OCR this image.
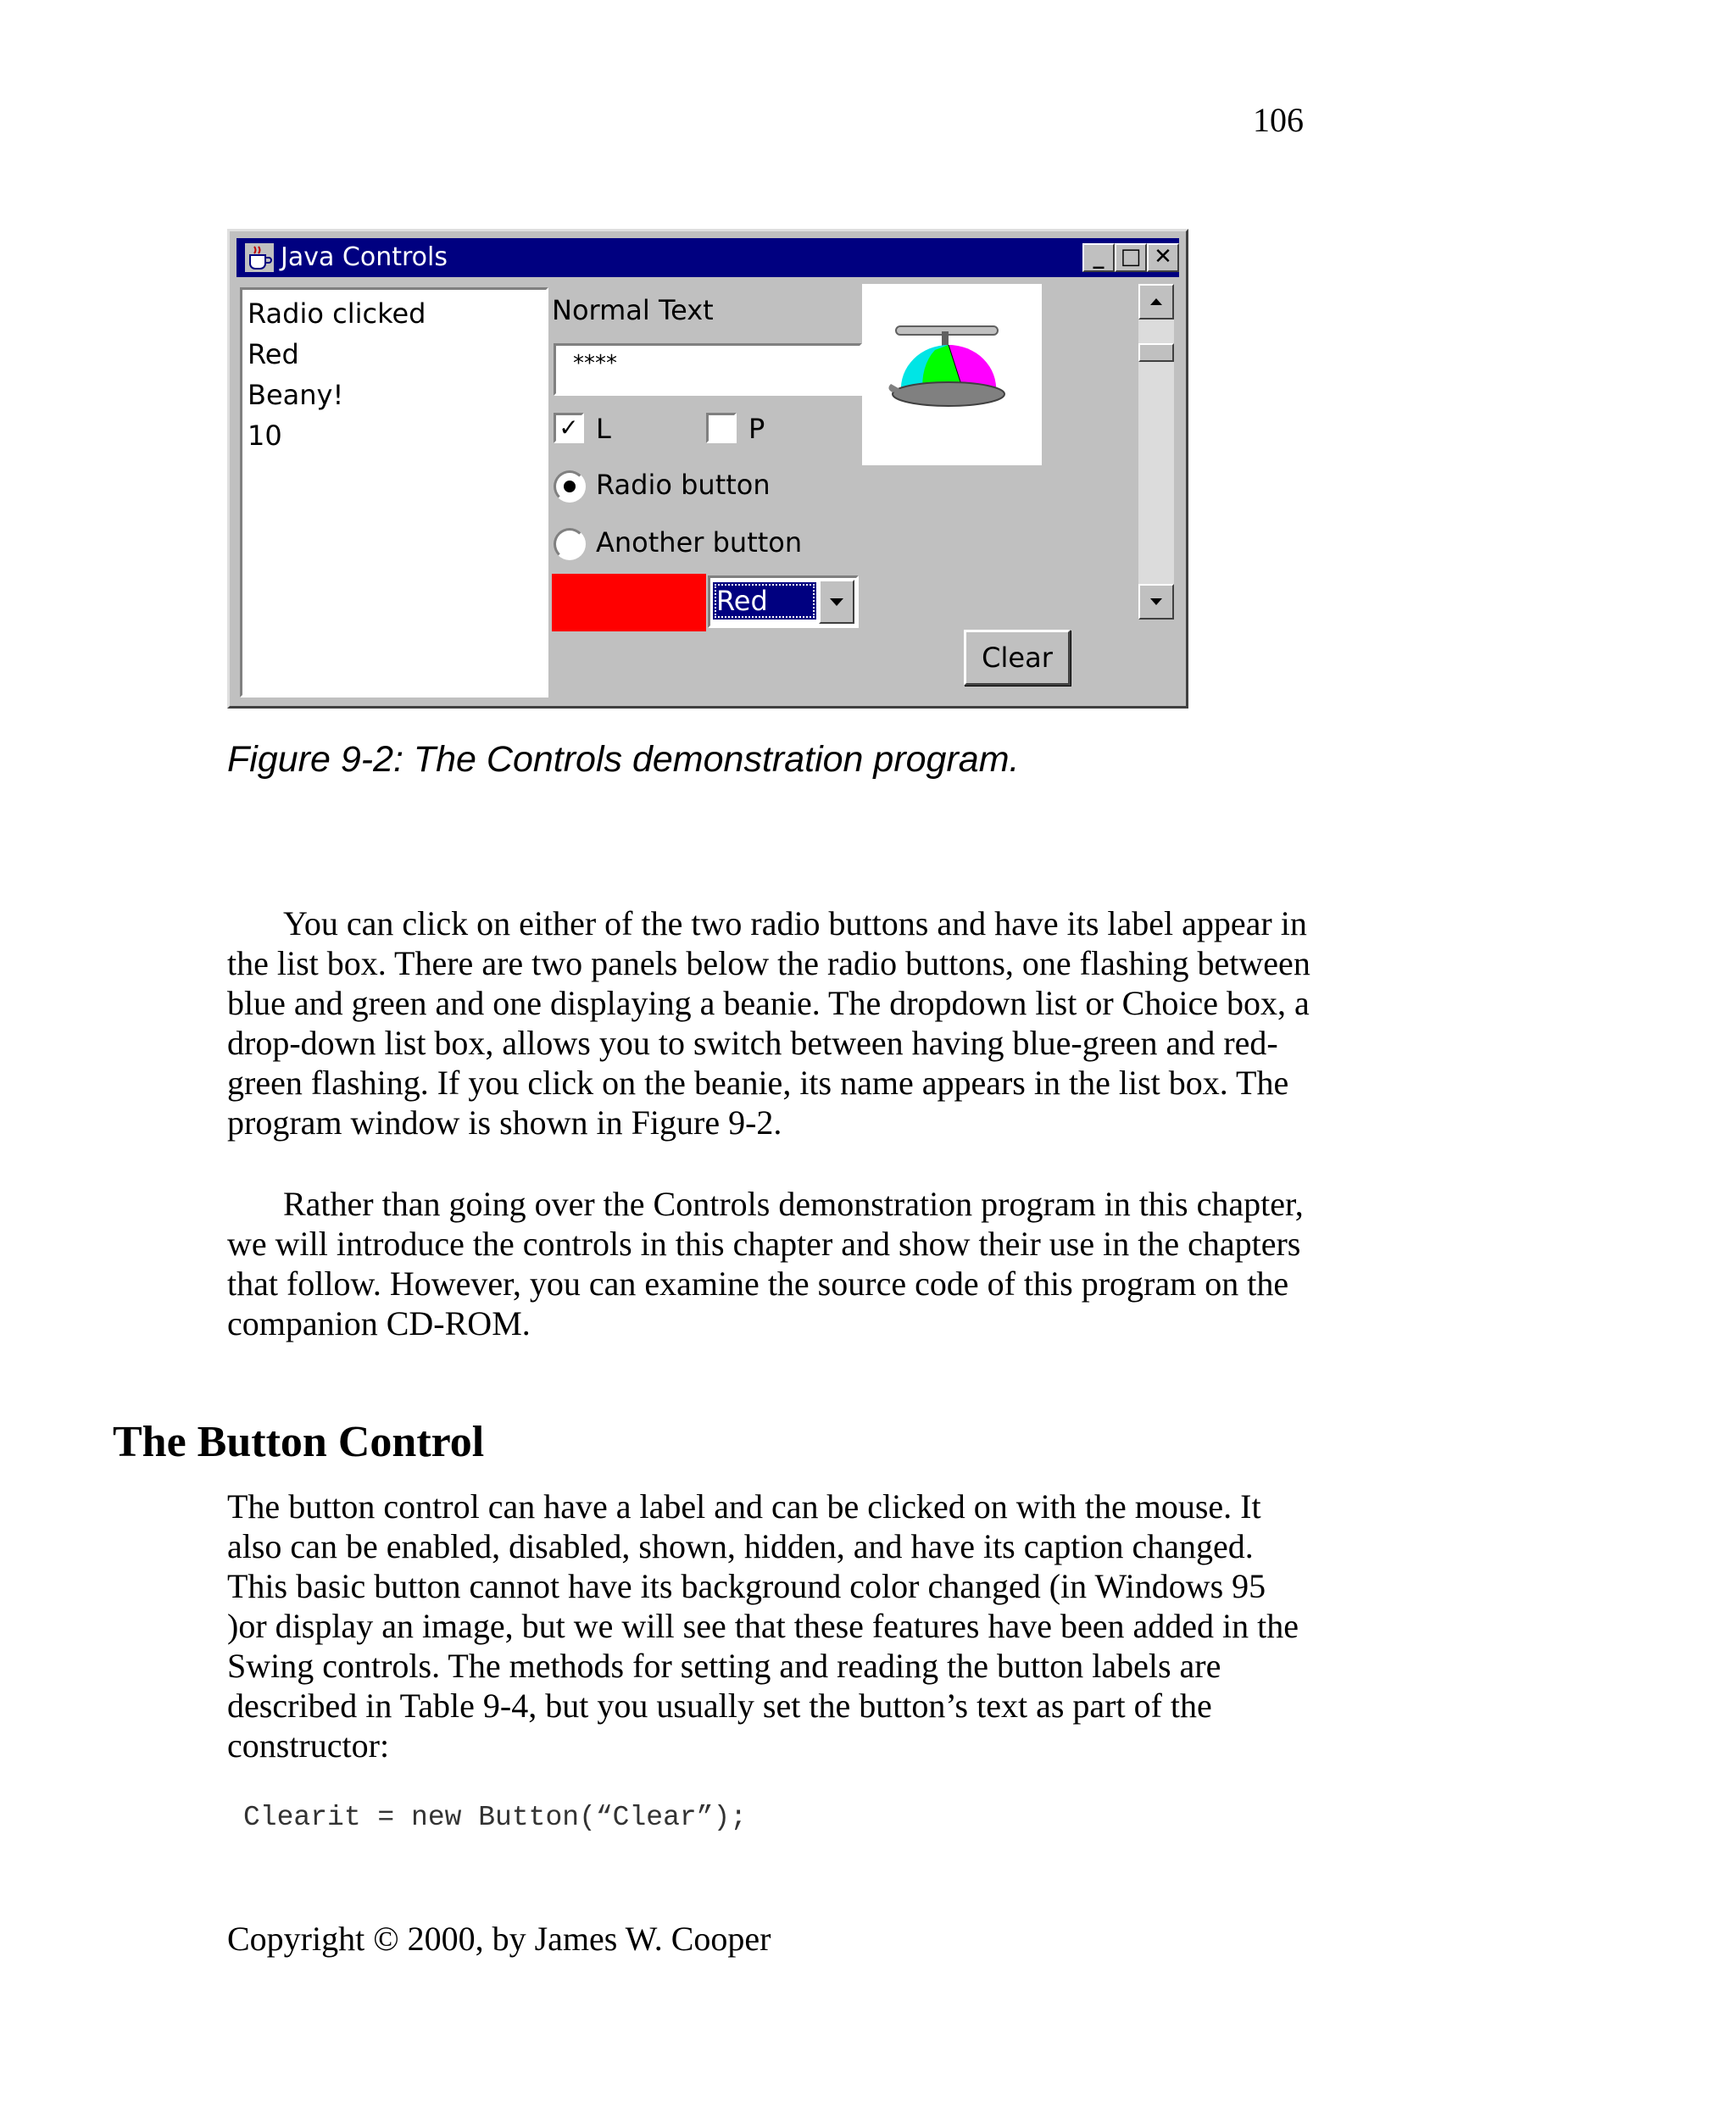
106
Java Controls	_ □ ✕
Radio clicked
Red
Beany!
10
Normal Text
****
✓ L	P
Radio button
Another button
Red
Clear
Figure 9-2: The Controls demonstration program.

You can click on either of the two radio buttons and have its label appear in the list box. There are two panels below the radio buttons, one flashing between blue and green and one displaying a beanie. The dropdown list or Choice box, a drop-down list box, allows you to switch between having blue-green and red-green flashing. If you click on the beanie, its name appears in the list box. The program window is shown in Figure 9-2.

Rather than going over the Controls demonstration program in this chapter, we will introduce the controls in this chapter and show their use in the chapters that follow. However, you can examine the source code of this program on the companion CD-ROM.

The Button Control

The button control can have a label and can be clicked on with the mouse. It also can be enabled, disabled, shown, hidden, and have its caption changed. This basic button cannot have its background color changed (in Windows 95 )or display an image, but we will see that these features have been added in the Swing controls. The methods for setting and reading the button labels are described in Table 9-4, but you usually set the button’s text as part of the constructor:

Clearit = new Button(“Clear”);
Copyright © 2000, by James W. Cooper
